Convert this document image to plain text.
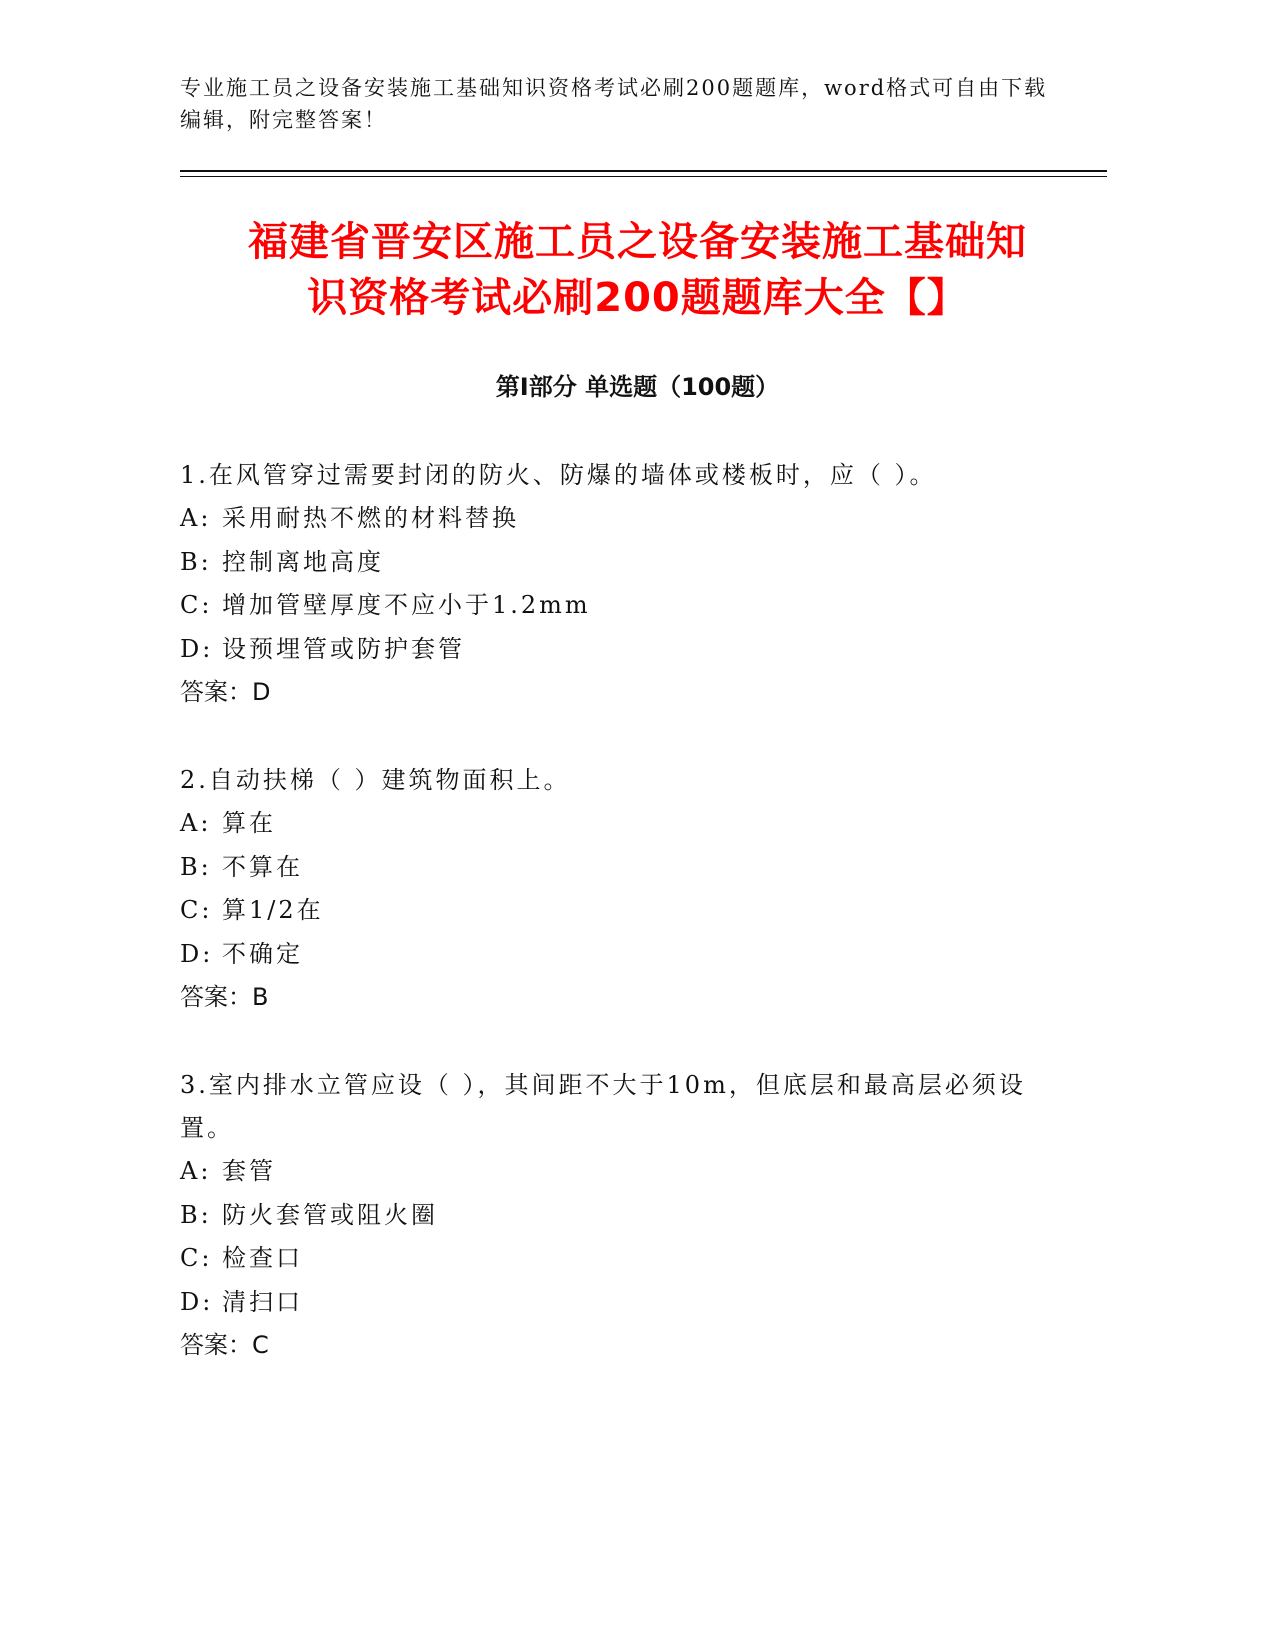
专业施工员之设备安装施工基础知识资格考试必刷200题题库，word格式可自由下载编辑，附完整答案！
福建省晋安区施工员之设备安装施工基础知
识资格考试必刷200题题库大全【】
第Ⅰ部分 单选题（100题）
1.在风管穿过需要封闭的防火、防爆的墙体或楼板时，应（ ）。
A: 采用耐热不燃的材料替换
B: 控制离地高度
C: 增加管壁厚度不应小于1.2mm
D: 设预埋管或防护套管
答案：D
2.自动扶梯（ ）建筑物面积上。
A: 算在
B: 不算在
C: 算1/2在
D: 不确定
答案：B
3.室内排水立管应设（ ），其间距不大于10m，但底层和最高层必须设置。
A: 套管
B: 防火套管或阻火圈
C: 检查口
D: 清扫口
答案：C
